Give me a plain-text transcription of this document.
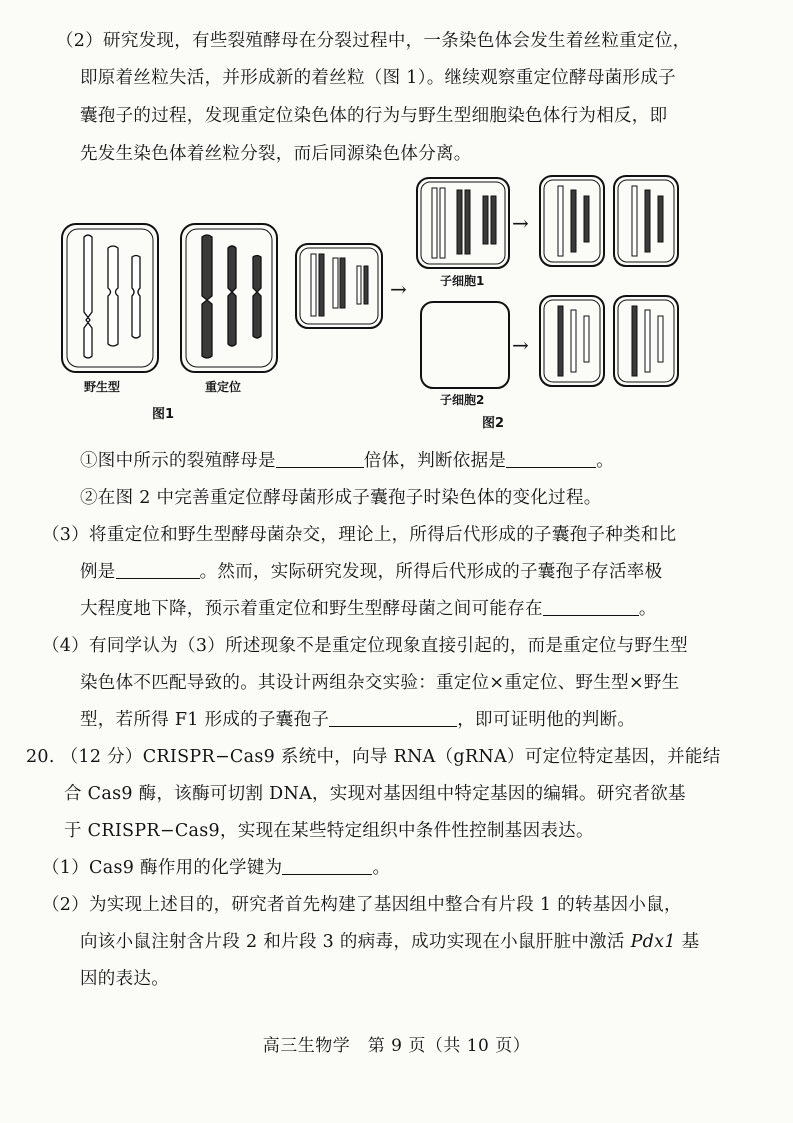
（2）研究发现，有些裂殖酵母在分裂过程中，一条染色体会发生着丝粒重定位，
即原着丝粒失活，并形成新的着丝粒（图 1）。继续观察重定位酵母菌形成子
囊孢子的过程，发现重定位染色体的行为与野生型细胞染色体行为相反，即
先发生染色体着丝粒分裂，而后同源染色体分离。
→
→
→
野生型	重定位
图1
子细胞1
子细胞2
图2
①图中所示的裂殖酵母是	倍体，判断依据是	。
②在图 2 中完善重定位酵母菌形成子囊孢子时染色体的变化过程。
（3）将重定位和野生型酵母菌杂交，理论上，所得后代形成的子囊孢子种类和比
例是	。然而，实际研究发现，所得后代形成的子囊孢子存活率极
大程度地下降，预示着重定位和野生型酵母菌之间可能存在	。
（4）有同学认为（3）所述现象不是重定位现象直接引起的，而是重定位与野生型
染色体不匹配导致的。其设计两组杂交实验：重定位×重定位、野生型×野生
型，若所得 F1 形成的子囊孢子	，即可证明他的判断。
20. （12 分）CRISPR−Cas9 系统中，向导 RNA（gRNA）可定位特定基因，并能结
合 Cas9 酶，该酶可切割 DNA，实现对基因组中特定基因的编辑。研究者欲基
于 CRISPR−Cas9，实现在某些特定组织中条件性控制基因表达。
（1）Cas9 酶作用的化学键为	。
（2）为实现上述目的，研究者首先构建了基因组中整合有片段 1 的转基因小鼠，
向该小鼠注射含片段 2 和片段 3 的病毒，成功实现在小鼠肝脏中激活 Pdx1 基
因的表达。
高三生物学　第 9 页（共 10 页）
